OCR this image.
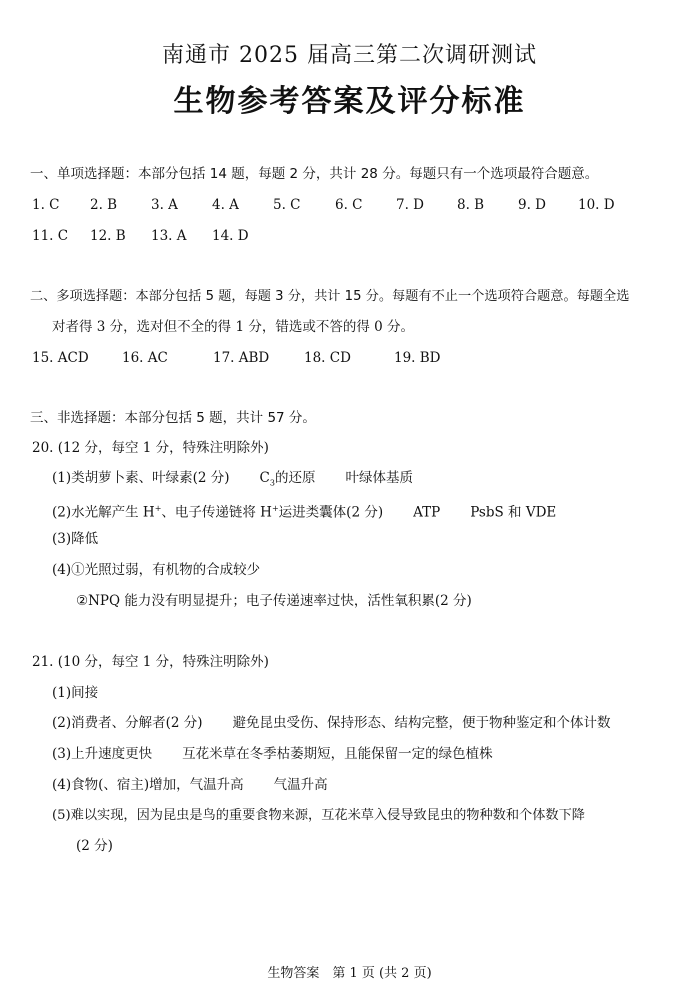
南通市 2025 届高三第二次调研测试
生物参考答案及评分标准
一、单项选择题：本部分包括 14 题，每题 2 分，共计 28 分。每题只有一个选项最符合题意。
1. C 2. B	3. A	4. A	5. C	6. C 7. D 8. B	9. D 10. D
11. C 12. B 13. A 14. D
二、多项选择题：本部分包括 5 题，每题 3 分，共计 15 分。每题有不止一个选项符合题意。每题全选
对者得 3 分，选对但不全的得 1 分，错选或不答的得 0 分。
15. ACD 16. AC	17. ABD	18. CD	19. BD
三、非选择题：本部分包括 5 题，共计 57 分。
20. (12 分，每空 1 分，特殊注明除外)
(1)类胡萝卜素、叶绿素(2 分) $C_3$的还原 叶绿体基质
(2)水光解产生 H+、电子传递链将 H+运进类囊体(2 分) ATP PsbS 和 VDE
(3)降低
(4)①光照过弱，有机物的合成较少
②NPQ 能力没有明显提升；电子传递速率过快，活性氧积累(2 分)
21. (10 分，每空 1 分，特殊注明除外)
(1)间接
(2)消费者、分解者(2 分) 避免昆虫受伤、保持形态、结构完整，便于物种鉴定和个体计数
(3)上升速度更快 互花米草在冬季枯萎期短，且能保留一定的绿色植株
(4)食物(、宿主)增加，气温升高 气温升高
(5)难以实现，因为昆虫是鸟的重要食物来源，互花米草入侵导致昆虫的物种数和个体数下降
(2 分)
生物答案　第 1 页 (共 2 页)
